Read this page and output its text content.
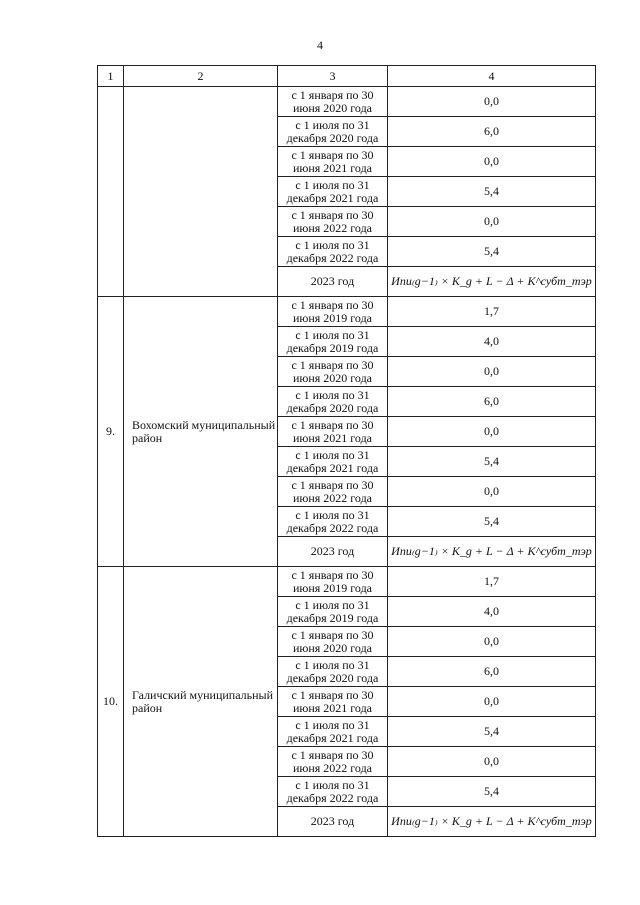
4
1	2	3	4
		с 1 января по 30 июня 2020 года	0,0
		с 1 июля по 31 декабря 2020 года	6,0
		с 1 января по 30 июня 2021 года	0,0
		с 1 июля по 31 декабря 2021 года	5,4
		с 1 января по 30 июня 2022 года	0,0
		с 1 июля по 31 декабря 2022 года	5,4
		2023 год	Иnu₍g−1₎ × K_g + L − Δ + K^субт_тэр
9.	Вохомский муниципальный район	с 1 января по 30 июня 2019 года	1,7
		с 1 июля по 31 декабря 2019 года	4,0
		с 1 января по 30 июня 2020 года	0,0
		с 1 июля по 31 декабря 2020 года	6,0
		с 1 января по 30 июня 2021 года	0,0
		с 1 июля по 31 декабря 2021 года	5,4
		с 1 января по 30 июня 2022 года	0,0
		с 1 июля по 31 декабря 2022 года	5,4
		2023 год	Иnu₍g−1₎ × K_g + L − Δ + K^субт_тэр
10.	Галичский муниципальный район	с 1 января по 30 июня 2019 года	1,7
		с 1 июля по 31 декабря 2019 года	4,0
		с 1 января по 30 июня 2020 года	0,0
		с 1 июля по 31 декабря 2020 года	6,0
		с 1 января по 30 июня 2021 года	0,0
		с 1 июля по 31 декабря 2021 года	5,4
		с 1 января по 30 июня 2022 года	0,0
		с 1 июля по 31 декабря 2022 года	5,4
		2023 год	Иnu₍g−1₎ × K_g + L − Δ + K^субт_тэр
